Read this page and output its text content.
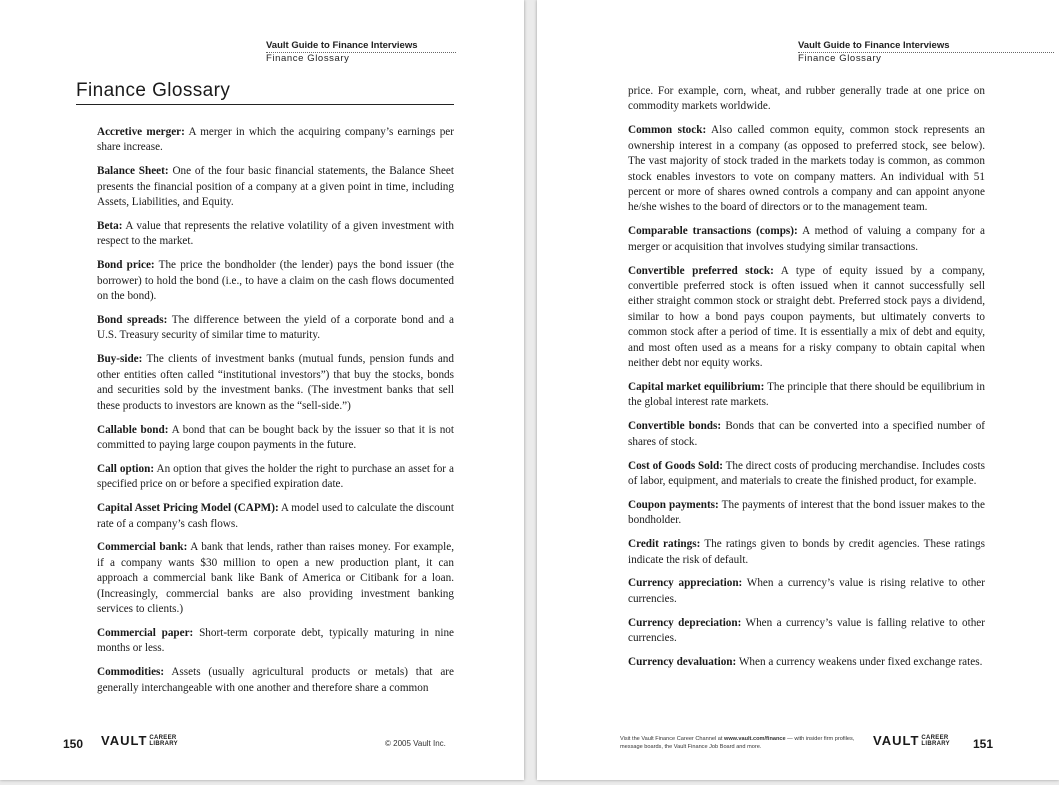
Vault Guide to Finance Interviews
Finance Glossary
Finance Glossary

Accretive merger: A merger in which the acquiring company’s earnings per share increase.

Balance Sheet: One of the four basic financial statements, the Balance Sheet presents the financial position of a company at a given point in time, including Assets, Liabilities, and Equity.

Beta: A value that represents the relative volatility of a given investment with respect to the market.

Bond price: The price the bondholder (the lender) pays the bond issuer (the borrower) to hold the bond (i.e., to have a claim on the cash flows documented on the bond).

Bond spreads: The difference between the yield of a corporate bond and a U.S. Treasury security of similar time to maturity.

Buy-side: The clients of investment banks (mutual funds, pension funds and other entities often called “institutional investors”) that buy the stocks, bonds and securities sold by the investment banks. (The investment banks that sell these products to investors are known as the “sell-side.”)

Callable bond: A bond that can be bought back by the issuer so that it is not committed to paying large coupon payments in the future.

Call option: An option that gives the holder the right to purchase an asset for a specified price on or before a specified expiration date.

Capital Asset Pricing Model (CAPM): A model used to calculate the discount rate of a company’s cash flows.

Commercial bank: A bank that lends, rather than raises money. For example, if a company wants $30 million to open a new production plant, it can approach a commercial bank like Bank of America or Citibank for a loan. (Increasingly, commercial banks are also providing investment banking services to clients.)

Commercial paper: Short-term corporate debt, typically maturing in nine months or less.

Commodities: Assets (usually agricultural products or metals) that are generally interchangeable with one another and therefore share a common

150 VAULT CAREER
LIBRARY	© 2005 Vault Inc.
Vault Guide to Finance Interviews
Finance Glossary

price. For example, corn, wheat, and rubber generally trade at one price on commodity markets worldwide.

Common stock: Also called common equity, common stock represents an ownership interest in a company (as opposed to preferred stock, see below). The vast majority of stock traded in the markets today is common, as common stock enables investors to vote on company matters. An individual with 51 percent or more of shares owned controls a company and can appoint anyone he/she wishes to the board of directors or to the management team.

Comparable transactions (comps): A method of valuing a company for a merger or acquisition that involves studying similar transactions.

Convertible preferred stock: A type of equity issued by a company, convertible preferred stock is often issued when it cannot successfully sell either straight common stock or straight debt. Preferred stock pays a dividend, similar to how a bond pays coupon payments, but ultimately converts to common stock after a period of time. It is essentially a mix of debt and equity, and most often used as a means for a risky company to obtain capital when neither debt nor equity works.

Capital market equilibrium: The principle that there should be equilibrium in the global interest rate markets.

Convertible bonds: Bonds that can be converted into a specified number of shares of stock.

Cost of Goods Sold: The direct costs of producing merchandise. Includes costs of labor, equipment, and materials to create the finished product, for example.

Coupon payments: The payments of interest that the bond issuer makes to the bondholder.

Credit ratings: The ratings given to bonds by credit agencies. These ratings indicate the risk of default.

Currency appreciation: When a currency’s value is rising relative to other currencies.

Currency depreciation: When a currency’s value is falling relative to other currencies.

Currency devaluation: When a currency weakens under fixed exchange rates.

Visit the Vault Finance Career Channel at www.vault.com/finance — with insider firm profiles, message boards, the Vault Finance Job Board and more.	VAULT CAREER
LIBRARY 151
